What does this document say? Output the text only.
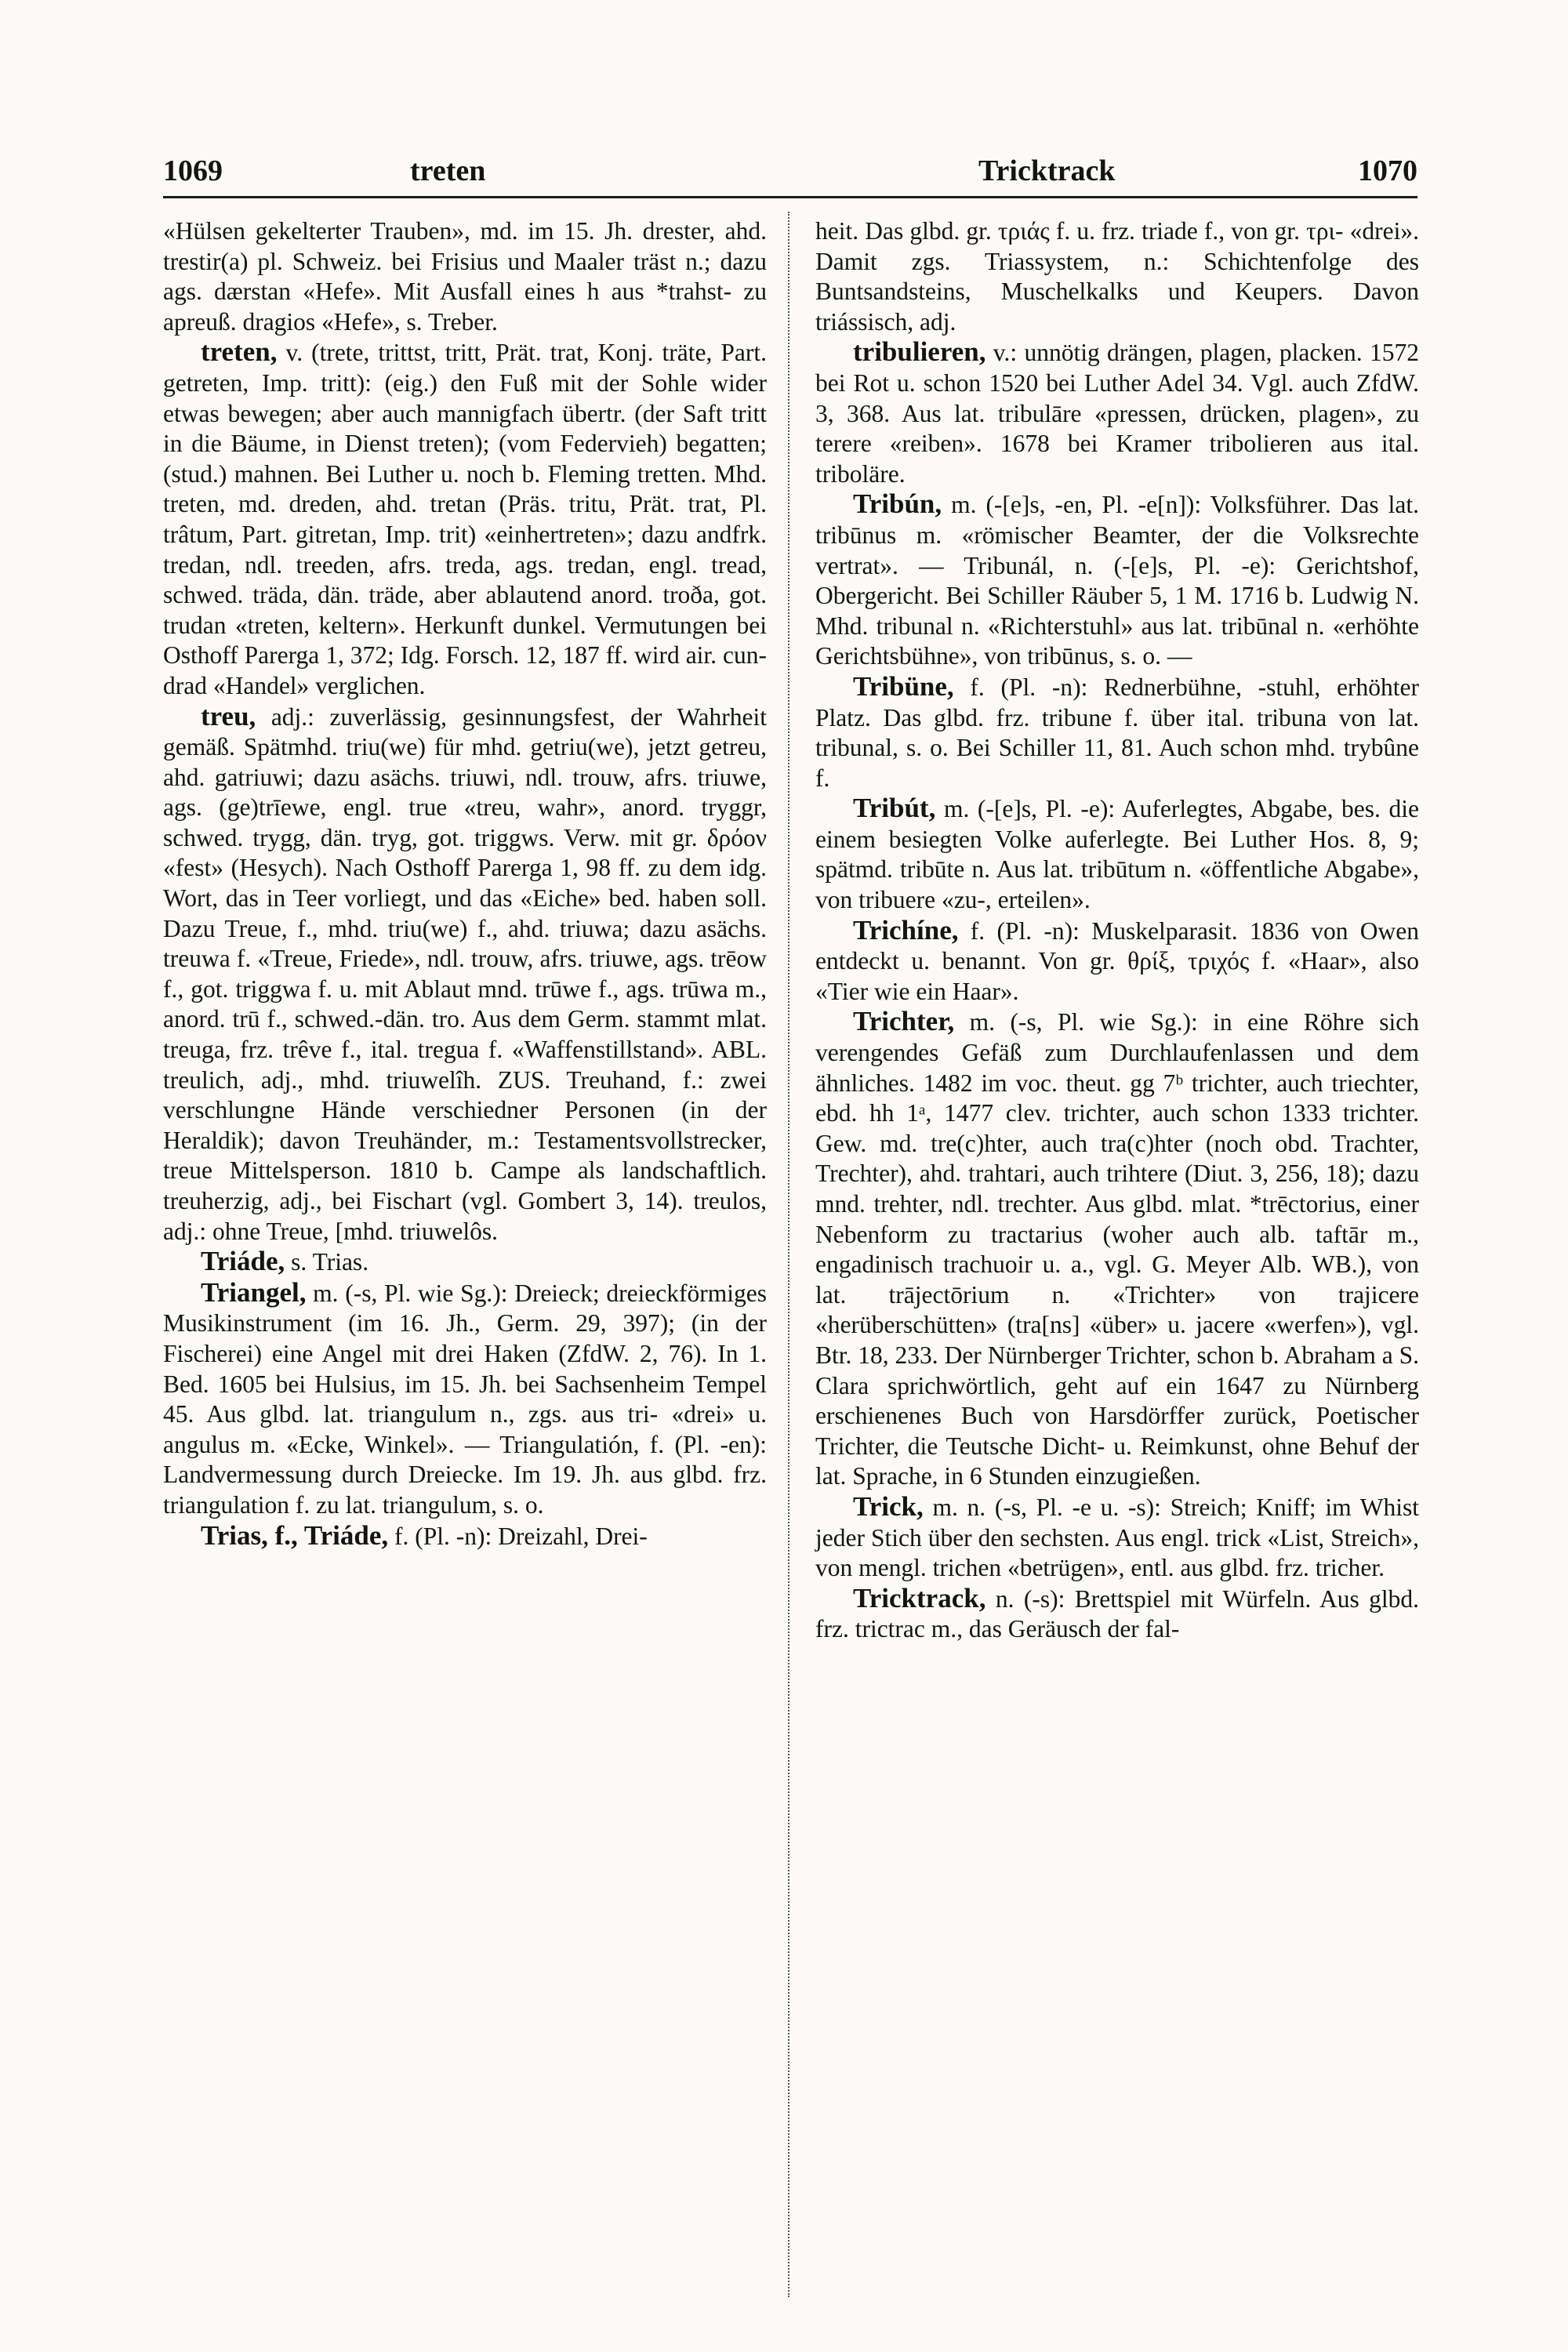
1069	treten	Tricktrack	1070

«Hülsen gekelterter Trauben», md. im 15. Jh. drester, ahd. trestir(a) pl. Schweiz. bei Frisius und Maaler träst n.; dazu ags. dærstan «Hefe». Mit Ausfall eines h aus *trahst- zu apreuß. dragios «Hefe», s. Treber.

treten, v. (trete, trittst, tritt, Prät. trat, Konj. träte, Part. getreten, Imp. tritt): (eig.) den Fuß mit der Sohle wider etwas bewegen; aber auch mannigfach übertr. (der Saft tritt in die Bäume, in Dienst treten); (vom Federvieh) begatten; (stud.) mahnen. Bei Luther u. noch b. Fleming tretten. Mhd. treten, md. dreden, ahd. tretan (Präs. tritu, Prät. trat, Pl. trâtum, Part. gitretan, Imp. trit) «einhertreten»; dazu andfrk. tredan, ndl. treeden, afrs. treda, ags. tredan, engl. tread, schwed. träda, dän. träde, aber ablautend anord. troða, got. trudan «treten, keltern». Herkunft dunkel. Vermutungen bei Osthoff Parerga 1, 372; Idg. Forsch. 12, 187 ff. wird air. cun-drad «Handel» verglichen.

treu, adj.: zuverlässig, gesinnungsfest, der Wahrheit gemäß. Spätmhd. triu(we) für mhd. getriu(we), jetzt getreu, ahd. gatriuwi; dazu asächs. triuwi, ndl. trouw, afrs. triuwe, ags. (ge)trīewe, engl. true «treu, wahr», anord. tryggr, schwed. trygg, dän. tryg, got. triggws. Verw. mit gr. δρόον «fest» (Hesych). Nach Osthoff Parerga 1, 98 ff. zu dem idg. Wort, das in Teer vorliegt, und das «Eiche» bed. haben soll. Dazu Treue, f., mhd. triu(we) f., ahd. triuwa; dazu asächs. treuwa f. «Treue, Friede», ndl. trouw, afrs. triuwe, ags. trēow f., got. triggwa f. u. mit Ablaut mnd. trūwe f., ags. trūwa m., anord. trū f., schwed.-dän. tro. Aus dem Germ. stammt mlat. treuga, frz. trêve f., ital. tregua f. «Waffenstillstand». ABL. treulich, adj., mhd. triuwelîh. ZUS. Treuhand, f.: zwei verschlungne Hände verschiedner Personen (in der Heraldik); davon Treuhänder, m.: Testamentsvollstrecker, treue Mittelsperson. 1810 b. Campe als landschaftlich. treuherzig, adj., bei Fischart (vgl. Gombert 3, 14). treulos, adj.: ohne Treue, [mhd. triuwelôs.

Triáde, s. Trias.

Triangel, m. (-s, Pl. wie Sg.): Dreieck; dreieckförmiges Musikinstrument (im 16. Jh., Germ. 29, 397); (in der Fischerei) eine Angel mit drei Haken (ZfdW. 2, 76). In 1. Bed. 1605 bei Hulsius, im 15. Jh. bei Sachsenheim Tempel 45. Aus glbd. lat. triangulum n., zgs. aus tri- «drei» u. angulus m. «Ecke, Winkel». — Triangulatión, f. (Pl. -en): Landvermessung durch Dreiecke. Im 19. Jh. aus glbd. frz. triangulation f. zu lat. triangulum, s. o.

Trias, f., Triáde, f. (Pl. -n): Dreizahl, Drei-

heit. Das glbd. gr. τριάς f. u. frz. triade f., von gr. τρι- «drei». Damit zgs. Triassystem, n.: Schichtenfolge des Buntsandsteins, Muschelkalks und Keupers. Davon triássisch, adj.

tribulieren, v.: unnötig drängen, plagen, placken. 1572 bei Rot u. schon 1520 bei Luther Adel 34. Vgl. auch ZfdW. 3, 368. Aus lat. tribulāre «pressen, drücken, plagen», zu terere «reiben». 1678 bei Kramer tribolieren aus ital. triboläre.

Tribún, m. (-[e]s, -en, Pl. -e[n]): Volksführer. Das lat. tribūnus m. «römischer Beamter, der die Volksrechte vertrat». — Tribunál, n. (-[e]s, Pl. -e): Gerichtshof, Obergericht. Bei Schiller Räuber 5, 1 M. 1716 b. Ludwig N. Mhd. tribunal n. «Richterstuhl» aus lat. tribūnal n. «erhöhte Gerichtsbühne», von tribūnus, s. o. —

Tribüne, f. (Pl. -n): Rednerbühne, -stuhl, erhöhter Platz. Das glbd. frz. tribune f. über ital. tribuna von lat. tribunal, s. o. Bei Schiller 11, 81. Auch schon mhd. trybûne f.

Tribút, m. (-[e]s, Pl. -e): Auferlegtes, Abgabe, bes. die einem besiegten Volke auferlegte. Bei Luther Hos. 8, 9; spätmd. tribūte n. Aus lat. tribūtum n. «öffentliche Abgabe», von tribuere «zu-, erteilen».

Trichíne, f. (Pl. -n): Muskelparasit. 1836 von Owen entdeckt u. benannt. Von gr. θρίξ, τριχός f. «Haar», also «Tier wie ein Haar».

Trichter, m. (-s, Pl. wie Sg.): in eine Röhre sich verengendes Gefäß zum Durchlaufenlassen und dem ähnliches. 1482 im voc. theut. gg 7ᵇ trichter, auch triechter, ebd. hh 1ᵃ, 1477 clev. trichter, auch schon 1333 trichter. Gew. md. tre(c)hter, auch tra(c)hter (noch obd. Trachter, Trechter), ahd. trahtari, auch trihtere (Diut. 3, 256, 18); dazu mnd. trehter, ndl. trechter. Aus glbd. mlat. *trēctorius, einer Nebenform zu tractarius (woher auch alb. taftār m., engadinisch trachuoir u. a., vgl. G. Meyer Alb. WB.), von lat. trājectōrium n. «Trichter» von trajicere «herüberschütten» (tra[ns] «über» u. jacere «werfen»), vgl. Btr. 18, 233. Der Nürnberger Trichter, schon b. Abraham a S. Clara sprichwörtlich, geht auf ein 1647 zu Nürnberg erschienenes Buch von Harsdörffer zurück, Poetischer Trichter, die Teutsche Dicht- u. Reimkunst, ohne Behuf der lat. Sprache, in 6 Stunden einzugießen.

Trick, m. n. (-s, Pl. -e u. -s): Streich; Kniff; im Whist jeder Stich über den sechsten. Aus engl. trick «List, Streich», von mengl. trichen «betrügen», entl. aus glbd. frz. tricher.

Tricktrack, n. (-s): Brettspiel mit Würfeln. Aus glbd. frz. trictrac m., das Geräusch der fal-
